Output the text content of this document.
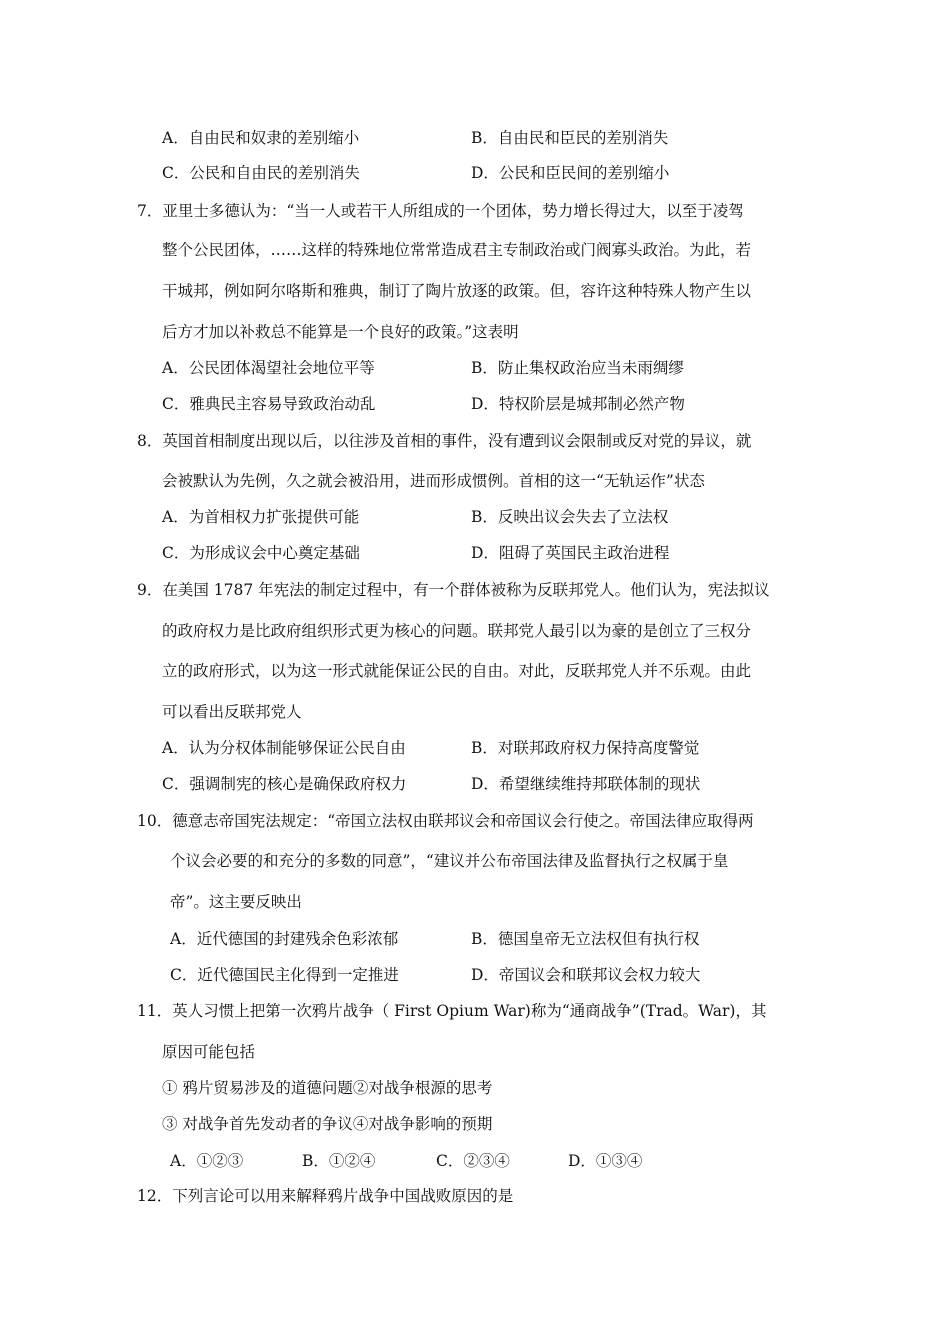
A．自由民和奴隶的差别缩小	B．自由民和臣民的差别消失
C．公民和自由民的差别消失	D．公民和臣民间的差别缩小
7．亚里士多德认为：“当一人或若干人所组成的一个团体，势力增长得过大，以至于凌驾
整个公民团体，……这样的特殊地位常常造成君主专制政治或门阀寡头政治。为此，若
干城邦，例如阿尔咯斯和雅典，制订了陶片放逐的政策。但，容许这种特殊人物产生以
后方才加以补救总不能算是一个良好的政策。”这表明
A．公民团体渴望社会地位平等	B．防止集权政治应当未雨绸缪
C．雅典民主容易导致政治动乱	D．特权阶层是城邦制必然产物
8．英国首相制度出现以后，以往涉及首相的事件，没有遭到议会限制或反对党的异议，就
会被默认为先例，久之就会被沿用，进而形成惯例。首相的这一“无轨运作”状态
A．为首相权力扩张提供可能	B．反映出议会失去了立法权
C．为形成议会中心奠定基础	D．阻碍了英国民主政治进程
9．在美国 1787 年宪法的制定过程中，有一个群体被称为反联邦党人。他们认为，宪法拟议
的政府权力是比政府组织形式更为核心的问题。联邦党人最引以为豪的是创立了三权分
立的政府形式，以为这一形式就能保证公民的自由。对此，反联邦党人并不乐观。由此
可以看出反联邦党人
A．认为分权体制能够保证公民自由	B．对联邦政府权力保持高度警觉
C．强调制宪的核心是确保政府权力	D．希望继续维持邦联体制的现状
10．德意志帝国宪法规定：“帝国立法权由联邦议会和帝国议会行使之。帝国法律应取得两
个议会必要的和充分的多数的同意”，“建议并公布帝国法律及监督执行之权属于皇
帝”。这主要反映出
A．近代德国的封建残余色彩浓郁	B．德国皇帝无立法权但有执行权
C．近代德国民主化得到一定推进	D．帝国议会和联邦议会权力较大
11．英人习惯上把第一次鸦片战争（ First Opium War)称为“通商战争”(Trad。War)，其
原因可能包括
① 鸦片贸易涉及的道德问题②对战争根源的思考
③ 对战争首先发动者的争议④对战争影响的预期
A．①②③	B．①②④	C．②③④	D．①③④
12．下列言论可以用来解释鸦片战争中国战败原因的是
